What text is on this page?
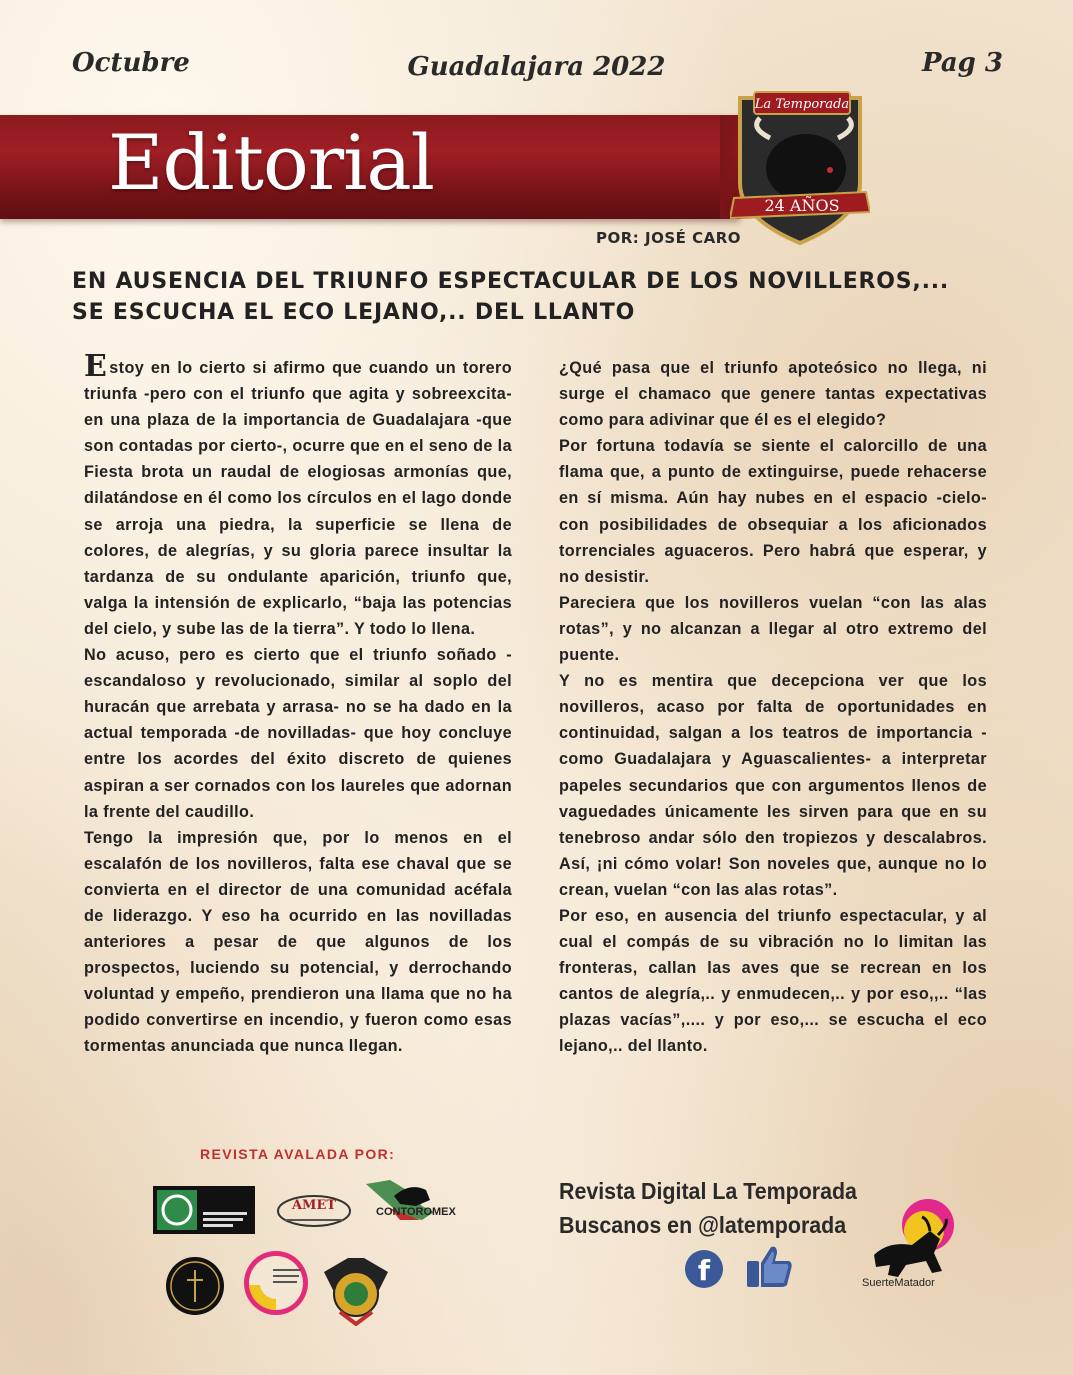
Octubre	Guadalajara 2022	Pag 3
Editorial
La Temporada
24 AÑOS
POR: JOSÉ CARO
EN AUSENCIA DEL TRIUNFO ESPECTACULAR DE LOS NOVILLEROS,...
SE ESCUCHA EL ECO LEJANO,.. DEL LLANTO

Estoy en lo cierto si afirmo que cuando un torero triunfa -pero con el triunfo que agita y sobreexcita- en una plaza de la importancia de Guadalajara -que son contadas por cierto-, ocurre que en el seno de la Fiesta brota un raudal de elogiosas armonías que, dilatándose en él como los círculos en el lago donde se arroja una piedra, la superficie se llena de colores, de alegrías, y su gloria parece insultar la tardanza de su ondulante aparición, triunfo que, valga la intensión de explicarlo, “baja las potencias del cielo, y sube las de la tierra”. Y todo lo llena.

No acuso, pero es cierto que el triunfo soñado -escandaloso y revolucionado, similar al soplo del huracán que arrebata y arrasa- no se ha dado en la actual temporada -de novilladas- que hoy concluye entre los acordes del éxito discreto de quienes aspiran a ser cornados con los laureles que adornan la frente del caudillo.

Tengo la impresión que, por lo menos en el escalafón de los novilleros, falta ese chaval que se convierta en el director de una comunidad acéfala de liderazgo. Y eso ha ocurrido en las novilladas anteriores a pesar de que algunos de los prospectos, luciendo su potencial, y derrochando voluntad y empeño, prendieron una llama que no ha podido convertirse en incendio, y fueron como esas tormentas anunciada que nunca llegan.

¿Qué pasa que el triunfo apoteósico no llega, ni surge el chamaco que genere tantas expectativas como para adivinar que él es el elegido?

Por fortuna todavía se siente el calorcillo de una flama que, a punto de extinguirse, puede rehacerse en sí misma. Aún hay nubes en el espacio -cielo- con posibilidades de obsequiar a los aficionados torrenciales aguaceros. Pero habrá que esperar, y no desistir.

Pareciera que los novilleros vuelan “con las alas rotas”, y no alcanzan a llegar al otro extremo del puente.

Y no es mentira que decepciona ver que los novilleros, acaso por falta de oportunidades en continuidad, salgan a los teatros de importancia -como Guadalajara y Aguascalientes- a interpretar papeles secundarios que con argumentos llenos de vaguedades únicamente les sirven para que en su tenebroso andar sólo den tropiezos y descalabros. Así, ¡ni cómo volar! Son noveles que, aunque no lo crean, vuelan “con las alas rotas”.

Por eso, en ausencia del triunfo espectacular, y al cual el compás de su vibración no lo limitan las fronteras, callan las aves que se recrean en los cantos de alegría,.. y enmudecen,.. y por eso,,.. “las plazas vacías”,.... y por eso,... se escucha el eco lejano,.. del llanto.

REVISTA AVALADA POR:
AMET	CONTOROMEX
Revista Digital La Temporada
Buscanos en @latemporada
f	SuerteMatador
